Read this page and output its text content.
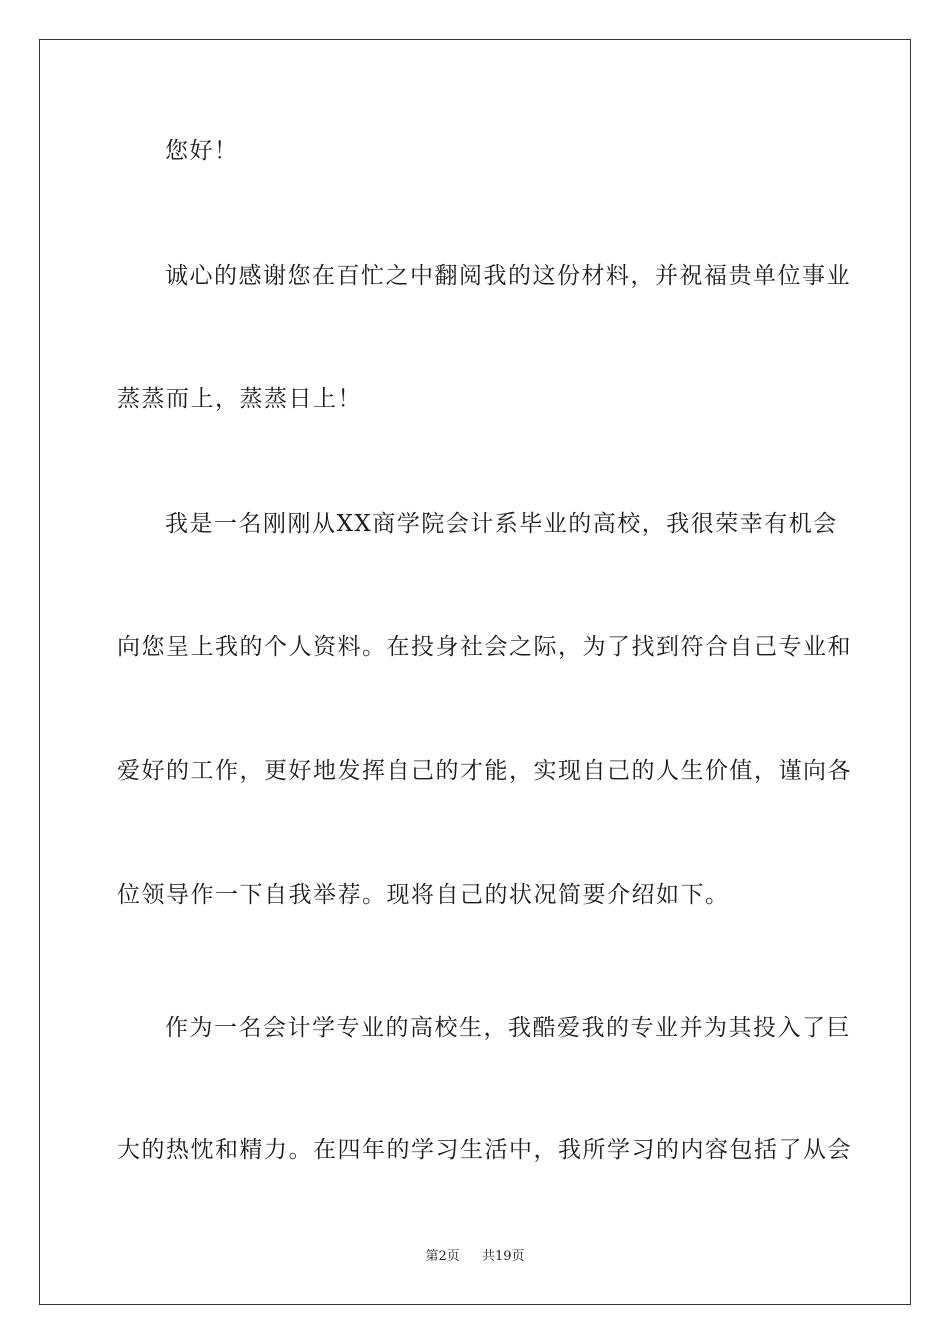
您好！
诚心的感谢您在百忙之中翻阅我的这份材料，并祝福贵单位事业
蒸蒸而上，蒸蒸日上！
我是一名刚刚从XX商学院会计系毕业的高校，我很荣幸有机会
向您呈上我的个人资料。在投身社会之际，为了找到符合自己专业和
爱好的工作，更好地发挥自己的才能，实现自己的人生价值，谨向各
位领导作一下自我举荐。现将自己的状况简要介绍如下。
作为一名会计学专业的高校生，我酷爱我的专业并为其投入了巨
大的热忱和精力。在四年的学习生活中，我所学习的内容包括了从会
第2页 共19页
